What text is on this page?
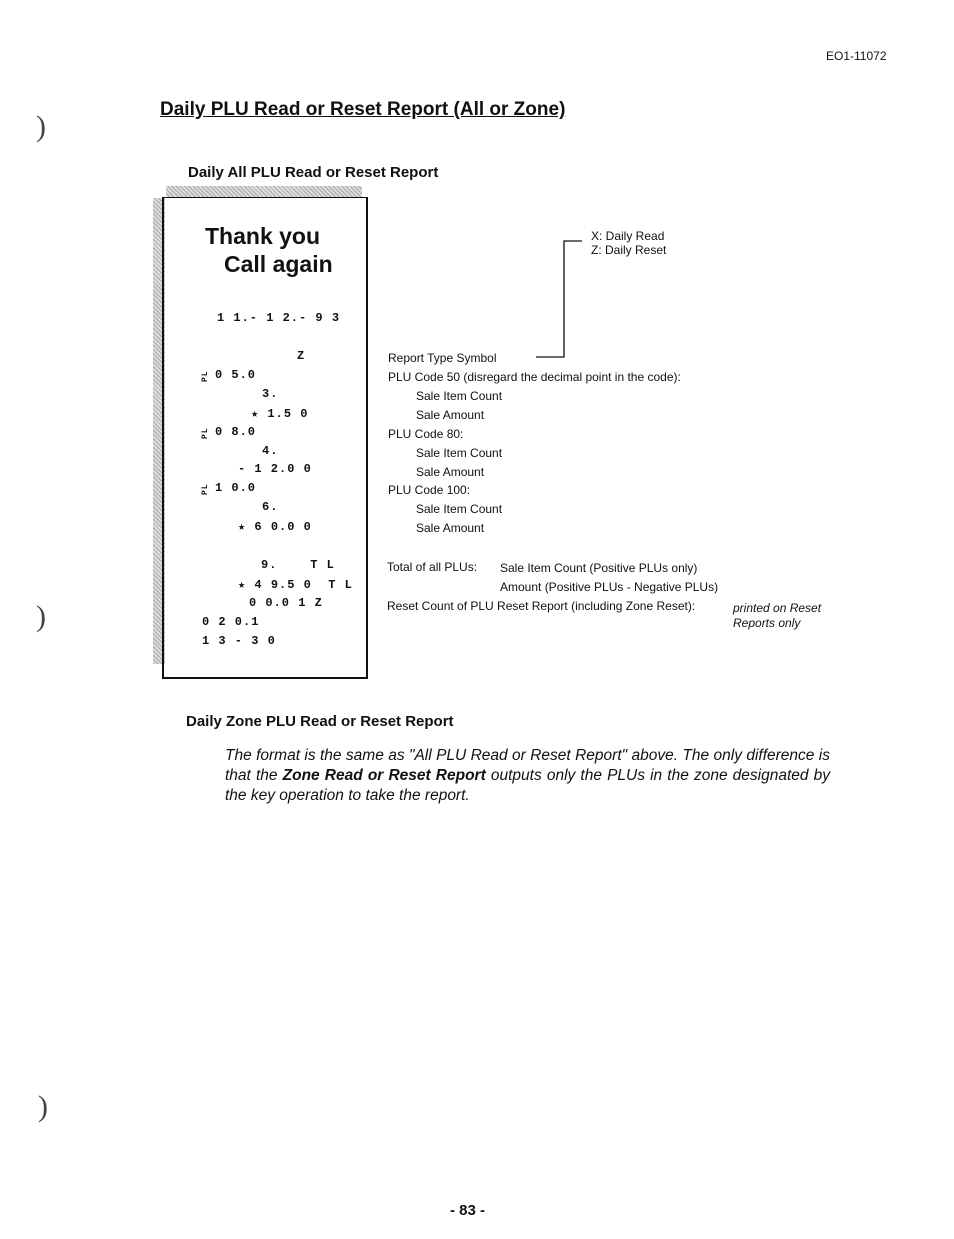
)
)
)
EO1-11072
Daily PLU Read or Reset Report (All or Zone)
Daily All PLU Read or Reset Report
Thank you
Call again
1 1.- 1 2.- 9 3
Z
PL 0 5.0
3.
★ 1.5 0
PL 0 8.0
4.
- 1 2.0 0
PL 1 0.0
6.
★ 6 0.0 0
9.    T L
★ 4 9.5 0  T L
0 0.0 1 Z
0 2 0.1
1 3 - 3 0
X: Daily Read
Z: Daily Reset
Report Type Symbol
PLU Code 50 (disregard the decimal point in the code):
Sale Item Count
Sale Amount
PLU Code 80:
Sale Item Count
Sale Amount
PLU Code 100:
Sale Item Count
Sale Amount
Total of all PLUs: Sale Item Count (Positive PLUs only)
Amount (Positive PLUs - Negative PLUs)
Reset Count of PLU Reset Report (including Zone Reset):	printed on Reset
Reports only
Daily Zone PLU Read or Reset Report
The format is the same as "All PLU Read or Reset Report" above. The only difference is that the Zone Read or Reset Report outputs only the PLUs in the zone designated by the key operation to take the report.
- 83 -
